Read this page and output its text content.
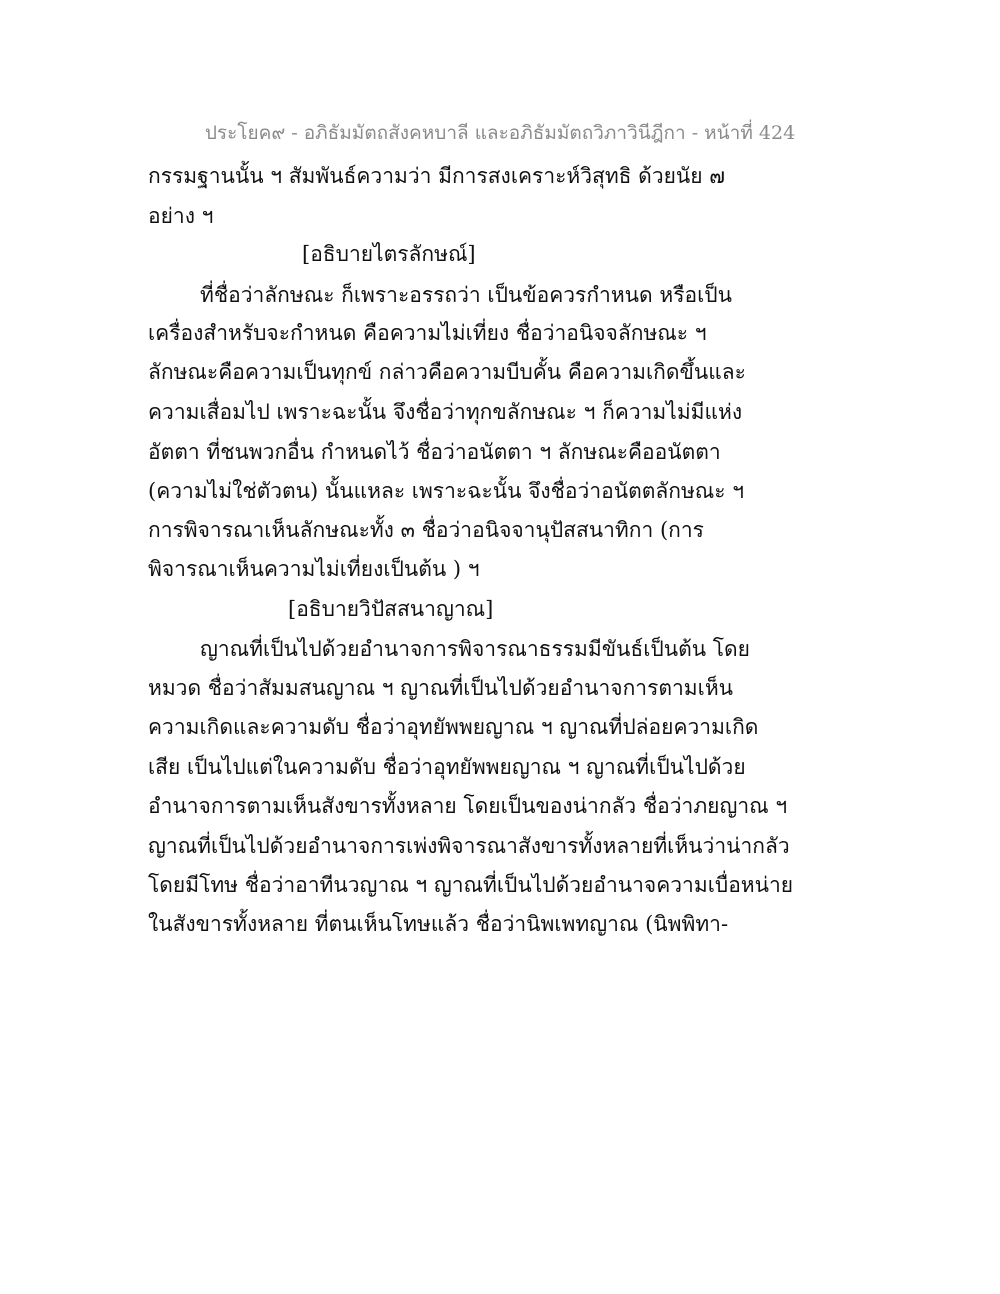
ประโยค๙ - อภิธัมมัตถสังคหบาลี และอภิธัมมัตถวิภาวินีฎีกา - หน้าที่ 424
กรรมฐานนั้น ฯ สัมพันธ์ความว่า มีการสงเคราะห์วิสุทธิ ด้วยนัย ๗
อย่าง ฯ
[อธิบายไตรลักษณ์]
ที่ชื่อว่าลักษณะ ก็เพราะอรรถว่า เป็นข้อควรกำหนด หรือเป็น
เครื่องสำหรับจะกำหนด คือความไม่เที่ยง ชื่อว่าอนิจจลักษณะ ฯ
ลักษณะคือความเป็นทุกข์ กล่าวคือความบีบคั้น คือความเกิดขึ้นและ
ความเสื่อมไป เพราะฉะนั้น จึงชื่อว่าทุกขลักษณะ ฯ ก็ความไม่มีแห่ง
อัตตา ที่ชนพวกอื่น กำหนดไว้ ชื่อว่าอนัตตา ฯ ลักษณะคืออนัตตา
(ความไม่ใช่ตัวตน) นั้นแหละ เพราะฉะนั้น จึงชื่อว่าอนัตตลักษณะ ฯ
การพิจารณาเห็นลักษณะทั้ง ๓ ชื่อว่าอนิจจานุปัสสนาทิกา (การ
พิจารณาเห็นความไม่เที่ยงเป็นต้น ) ฯ
[อธิบายวิปัสสนาญาณ]
ญาณที่เป็นไปด้วยอำนาจการพิจารณาธรรมมีขันธ์เป็นต้น โดย
หมวด ชื่อว่าสัมมสนญาณ ฯ ญาณที่เป็นไปด้วยอำนาจการตามเห็น
ความเกิดและความดับ ชื่อว่าอุทยัพพยญาณ ฯ ญาณที่ปล่อยความเกิด
เสีย เป็นไปแต่ในความดับ ชื่อว่าอุทยัพพยญาณ ฯ ญาณที่เป็นไปด้วย
อำนาจการตามเห็นสังขารทั้งหลาย โดยเป็นของน่ากลัว ชื่อว่าภยญาณ ฯ
ญาณที่เป็นไปด้วยอำนาจการเพ่งพิจารณาสังขารทั้งหลายที่เห็นว่าน่ากลัว
โดยมีโทษ ชื่อว่าอาทีนวญาณ ฯ ญาณที่เป็นไปด้วยอำนาจความเบื่อหน่าย
ในสังขารทั้งหลาย ที่ตนเห็นโทษแล้ว ชื่อว่านิพเพทญาณ (นิพพิทา-
